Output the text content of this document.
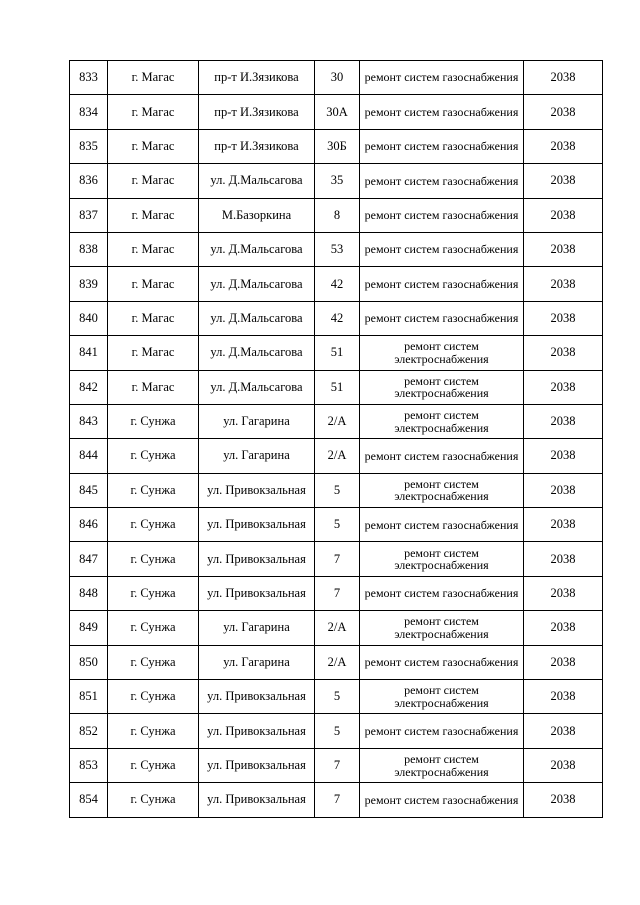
833	г. Магас	пр-т И.Зязикова	30	ремонт систем газоснабжения	2038
834	г. Магас	пр-т И.Зязикова	30А	ремонт систем газоснабжения	2038
835	г. Магас	пр-т И.Зязикова	30Б	ремонт систем газоснабжения	2038
836	г. Магас	ул. Д.Мальсагова	35	ремонт систем газоснабжения	2038
837	г. Магас	М.Базоркина	8	ремонт систем газоснабжения	2038
838	г. Магас	ул. Д.Мальсагова	53	ремонт систем газоснабжения	2038
839	г. Магас	ул. Д.Мальсагова	42	ремонт систем газоснабжения	2038
840	г. Магас	ул. Д.Мальсагова	42	ремонт систем газоснабжения	2038
841	г. Магас	ул. Д.Мальсагова	51	ремонт систем электроснабжения	2038
842	г. Магас	ул. Д.Мальсагова	51	ремонт систем электроснабжения	2038
843	г. Сунжа	ул. Гагарина	2/А	ремонт систем электроснабжения	2038
844	г. Сунжа	ул. Гагарина	2/А	ремонт систем газоснабжения	2038
845	г. Сунжа	ул. Привокзальная	5	ремонт систем электроснабжения	2038
846	г. Сунжа	ул. Привокзальная	5	ремонт систем газоснабжения	2038
847	г. Сунжа	ул. Привокзальная	7	ремонт систем электроснабжения	2038
848	г. Сунжа	ул. Привокзальная	7	ремонт систем газоснабжения	2038
849	г. Сунжа	ул. Гагарина	2/А	ремонт систем электроснабжения	2038
850	г. Сунжа	ул. Гагарина	2/А	ремонт систем газоснабжения	2038
851	г. Сунжа	ул. Привокзальная	5	ремонт систем электроснабжения	2038
852	г. Сунжа	ул. Привокзальная	5	ремонт систем газоснабжения	2038
853	г. Сунжа	ул. Привокзальная	7	ремонт систем электроснабжения	2038
854	г. Сунжа	ул. Привокзальная	7	ремонт систем газоснабжения	2038
